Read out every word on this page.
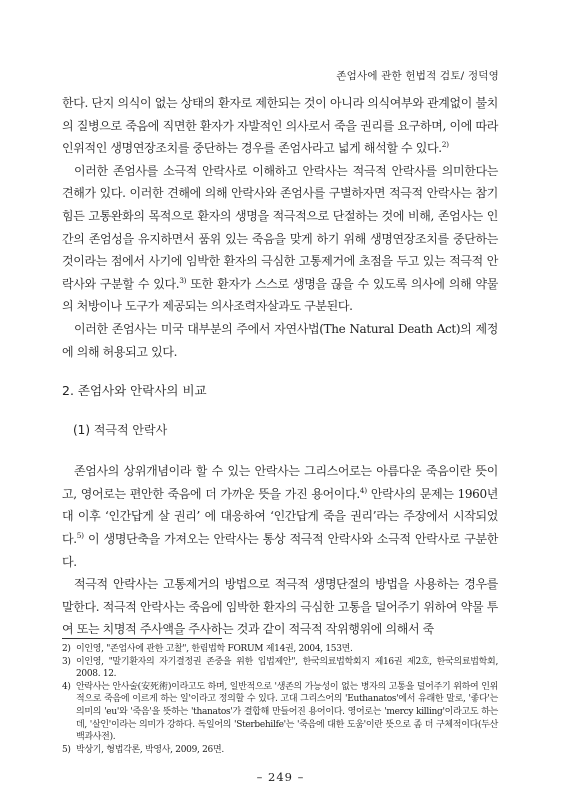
존엄사에 관한 헌법적 검토/ 정덕영

한다. 단지 의식이 없는 상태의 환자로 제한되는 것이 아니라 의식여부와 관계없이 불치의 질병으로 죽음에 직면한 환자가 자발적인 의사로서 죽을 권리를 요구하며, 이에 따라 인위적인 생명연장조치를 중단하는 경우를 존엄사라고 넓게 해석할 수 있다.$^{2)}$

이러한 존엄사를 소극적 안락사로 이해하고 안락사는 적극적 안락사를 의미한다는 견해가 있다. 이러한 견해에 의해 안락사와 존엄사를 구별하자면 적극적 안락사는 참기 힘든 고통완화의 목적으로 환자의 생명을 적극적으로 단절하는 것에 비해, 존엄사는 인간의 존엄성을 유지하면서 품위 있는 죽음을 맞게 하기 위해 생명연장조치를 중단하는 것이라는 점에서 사기에 임박한 환자의 극심한 고통제거에 초점을 두고 있는 적극적 안락사와 구분할 수 있다.$^{3)}$ 또한 환자가 스스로 생명을 끊을 수 있도록 의사에 의해 약물의 처방이나 도구가 제공되는 의사조력자살과도 구분된다.

이러한 존엄사는 미국 대부분의 주에서 자연사법(The Natural Death Act)의 제정에 의해 허용되고 있다.

2. 존엄사와 안락사의 비교
(1) 적극적 안락사

존엄사의 상위개념이라 할 수 있는 안락사는 그리스어로는 아름다운 죽음이란 뜻이고, 영어로는 편안한 죽음에 더 가까운 뜻을 가진 용어이다.$^{4)}$ 안락사의 문제는 1960년대 이후 ‘인간답게 살 권리’ 에 대응하여 ‘인간답게 죽을 권리’라는 주장에서 시작되었다.$^{5)}$ 이 생명단축을 가져오는 안락사는 통상 적극적 안락사와 소극적 안락사로 구분한다.

적극적 안락사는 고통제거의 방법으로 적극적 생명단절의 방법을 사용하는 경우를 말한다. 적극적 안락사는 죽음에 임박한 환자의 극심한 고통을 덜어주기 위하여 약물 투여 또는 치명적 주사액을 주사하는 것과 같이 적극적 작위행위에 의해서 죽

2) 이인영, "존엄사에 관한 고찰", 한림법학 FORUM 제14권, 2004, 153면.
3) 이인영, "말기환자의 자기결정권 존중을 위한 입법제안", 한국의료법학회지 제16권 제2호, 한국의료법학회, 2008. 12.
4) 안락사는 안사술(安死術)이라고도 하며, 일반적으로 '생존의 가능성이 없는 병자의 고통을 덜어주기 위하여 인위적으로 죽음에 이르게 하는 일'이라고 정의할 수 있다. 고대 그리스어의 'Euthanatos'에서 유래한 말로, '좋다'는 의미의 'eu'와 '죽음'을 뜻하는 'thanatos'가 결합해 만들어진 용어이다. 영어로는 'mercy killing'이라고도 하는데, '살인'이라는 의미가 강하다. 독일어의 'Sterbehilfe'는 '죽음에 대한 도움'이란 뜻으로 좀 더 구체적이다(두산백과사전).
5) 박상기, 형법각론, 박영사, 2009, 26면.
– 249 –
